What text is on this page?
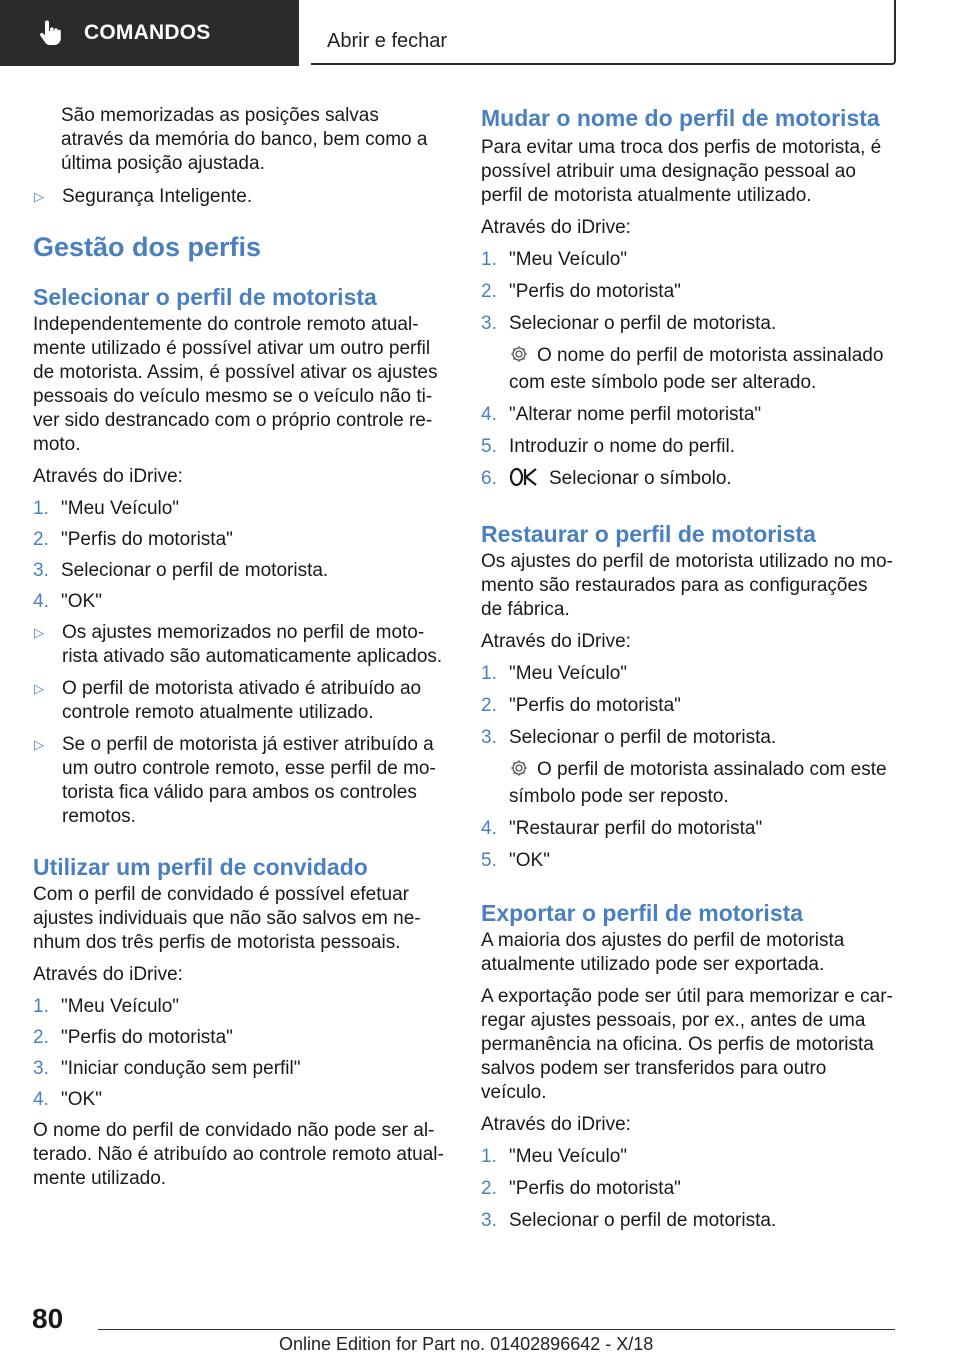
COMANDOS	Abrir e fechar

São memorizadas as posições salvas através da memória do banco, bem como a última posição ajustada.

▷ Segurança Inteligente.
Gestão dos perfis
Selecionar o perfil de motorista

Independentemente do controle remoto atualmente utilizado é possível ativar um outro perfil de motorista. Assim, é possível ativar os ajustes pessoais do veículo mesmo se o veículo não tiver sido destrancado com o próprio controle remoto.

Através do iDrive:

1. "Meu Veículo"
2. "Perfis do motorista"
3. Selecionar o perfil de motorista.
4. "OK"
▷ Os ajustes memorizados no perfil de motorista ativado são automaticamente aplicados.
▷ O perfil de motorista ativado é atribuído ao controle remoto atualmente utilizado.
▷ Se o perfil de motorista já estiver atribuído a um outro controle remoto, esse perfil de motorista fica válido para ambos os controles remotos.
Utilizar um perfil de convidado

Com o perfil de convidado é possível efetuar ajustes individuais que não são salvos em nenhum dos três perfis de motorista pessoais.

Através do iDrive:

1. "Meu Veículo"
2. "Perfis do motorista"
3. "Iniciar condução sem perfil"
4. "OK"

O nome do perfil de convidado não pode ser alterado. Não é atribuído ao controle remoto atualmente utilizado.

Mudar o nome do perfil de motorista

Para evitar uma troca dos perfis de motorista, é possível atribuir uma designação pessoal ao perfil de motorista atualmente utilizado.

Através do iDrive:

1. "Meu Veículo"
2. "Perfis do motorista"
3. Selecionar o perfil de motorista.
O nome do perfil de motorista assinalado com este símbolo pode ser alterado.
4. "Alterar nome perfil motorista"
5. Introduzir o nome do perfil.
6.	Selecionar o símbolo.
Restaurar o perfil de motorista

Os ajustes do perfil de motorista utilizado no momento são restaurados para as configurações de fábrica.

Através do iDrive:

1. "Meu Veículo"
2. "Perfis do motorista"
3. Selecionar o perfil de motorista.
O perfil de motorista assinalado com este símbolo pode ser reposto.
4. "Restaurar perfil do motorista"
5. "OK"
Exportar o perfil de motorista

A maioria dos ajustes do perfil de motorista atualmente utilizado pode ser exportada.

A exportação pode ser útil para memorizar e carregar ajustes pessoais, por ex., antes de uma permanência na oficina. Os perfis de motorista salvos podem ser transferidos para outro veículo.

Através do iDrive:

1. "Meu Veículo"
2. "Perfis do motorista"
3. Selecionar o perfil de motorista.
80
Online Edition for Part no. 01402896642 - X/18
